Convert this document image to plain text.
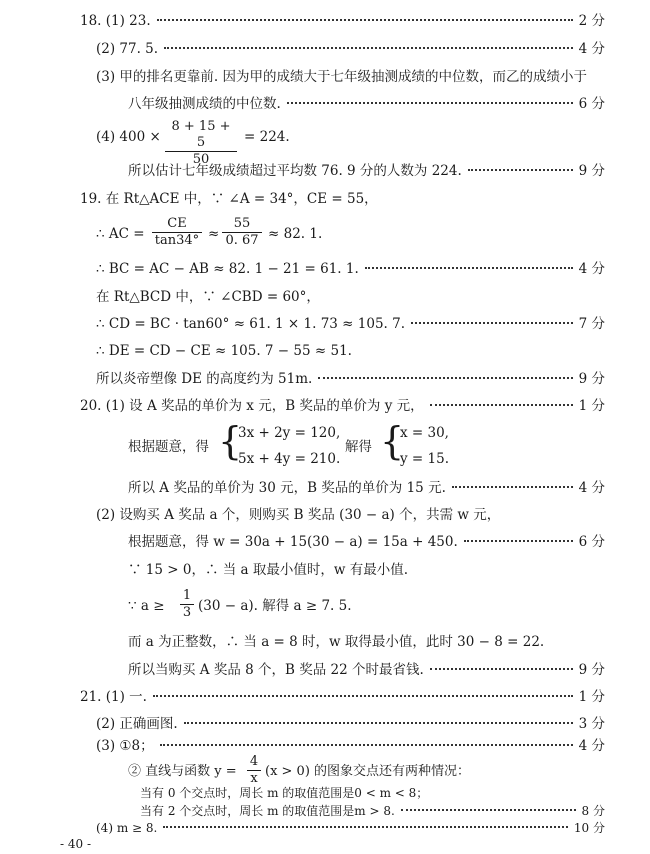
18. (1) 23.	2 分
(2) 77. 5.	4 分
(3) 甲的排名更靠前. 因为甲的成绩大于七年级抽测成绩的中位数，而乙的成绩小于
八年级抽测成绩的中位数.	6 分
(4) $400 \times \frac{8 + 15 + 5}{50} = 224$.
所以估计七年级成绩超过平均数 76. 9 分的人数为 224.	9 分
19. 在 Rt△ACE 中，∵ ∠A = 34°，CE = 55，
∴ AC = $\frac{CE}{\tan 34^\circ} \approx \frac{55}{0. 67} \approx 82$. 1.
∴ BC = AC − AB ≈ 82. 1 − 21 = 61. 1.	4 分
在 Rt△BCD 中，∵ ∠CBD = 60°，
∴ CD = BC · tan60° ≈ 61. 1 × 1. 73 ≈ 105. 7.	7 分
∴ DE = CD − CE ≈ 105. 7 − 55 ≈ 51.
所以炎帝塑像 DE 的高度约为 51m.	9 分
20. (1) 设 A 奖品的单价为 x 元，B 奖品的单价为 y 元，	1 分
根据题意，得 {
3x + 2y = 120,
5x + 4y = 210.
解得 {
x = 30,
y = 15.
所以 A 奖品的单价为 30 元，B 奖品的单价为 15 元.	4 分
(2) 设购买 A 奖品 a 个，则购买 B 奖品 (30 − a) 个，共需 w 元，
根据题意，得 w = 30a + 15(30 − a) = 15a + 450.	6 分
∵ 15 > 0，∴ 当 a 取最小值时，w 有最小值.
∵ $a \ge \frac{1}{3} (30 - a)$. 解得 a ≥ 7. 5.
而 a 为正整数，∴ 当 a = 8 时，w 取得最小值，此时 30 − 8 = 22.
所以当购买 A 奖品 8 个，B 奖品 22 个时最省钱.	9 分
21. (1) 一.	1 分
(2) 正确画图.	3 分
(3) ①8；	4 分
② 直线与函数 $y = \frac{4}{x} (x > 0)$ 的图象交点还有两种情况：
当有 0 个交点时，周长 m 的取值范围是0 < m < 8；
当有 2 个交点时，周长 m 的取值范围是m > 8.	8 分
(4) m ≥ 8.	10 分
- 40 -
